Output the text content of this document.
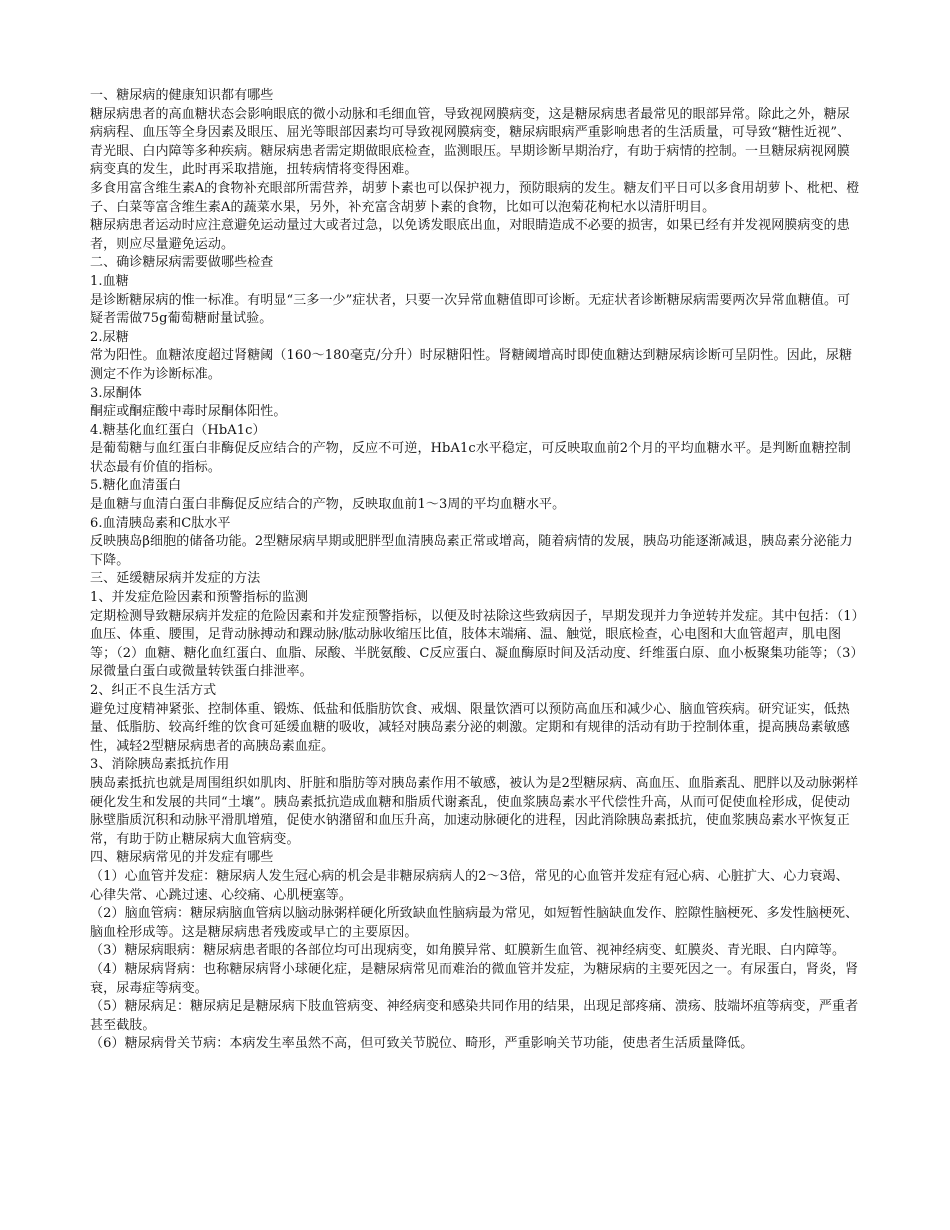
一、糖尿病的健康知识都有哪些

糖尿病患者的高血糖状态会影响眼底的微小动脉和毛细血管，导致视网膜病变，这是糖尿病患者最常见的眼部异常。除此之外，糖尿病病程、血压等全身因素及眼压、屈光等眼部因素均可导致视网膜病变，糖尿病眼病严重影响患者的生活质量，可导致“糖性近视”、青光眼、白内障等多种疾病。糖尿病患者需定期做眼底检查，监测眼压。早期诊断早期治疗，有助于病情的控制。一旦糖尿病视网膜病变真的发生，此时再采取措施，扭转病情将变得困难。

多食用富含维生素A的食物补充眼部所需营养，胡萝卜素也可以保护视力，预防眼病的发生。糖友们平日可以多食用胡萝卜、枇杷、橙子、白菜等富含维生素A的蔬菜水果，另外，补充富含胡萝卜素的食物，比如可以泡菊花枸杞水以清肝明目。

糖尿病患者运动时应注意避免运动量过大或者过急，以免诱发眼底出血，对眼睛造成不必要的损害，如果已经有并发视网膜病变的患者，则应尽量避免运动。

二、确诊糖尿病需要做哪些检查

1.血糖

是诊断糖尿病的惟一标准。有明显“三多一少”症状者，只要一次异常血糖值即可诊断。无症状者诊断糖尿病需要两次异常血糖值。可疑者需做75g葡萄糖耐量试验。

2.尿糖

常为阳性。血糖浓度超过肾糖阈（160～180毫克/分升）时尿糖阳性。肾糖阈增高时即使血糖达到糖尿病诊断可呈阴性。因此，尿糖测定不作为诊断标准。

3.尿酮体

酮症或酮症酸中毒时尿酮体阳性。

4.糖基化血红蛋白（HbA1c）

是葡萄糖与血红蛋白非酶促反应结合的产物，反应不可逆，HbA1c水平稳定，可反映取血前2个月的平均血糖水平。是判断血糖控制状态最有价值的指标。

5.糖化血清蛋白

是血糖与血清白蛋白非酶促反应结合的产物，反映取血前1～3周的平均血糖水平。

6.血清胰岛素和C肽水平

反映胰岛β细胞的储备功能。2型糖尿病早期或肥胖型血清胰岛素正常或增高，随着病情的发展，胰岛功能逐渐减退，胰岛素分泌能力下降。

三、延缓糖尿病并发症的方法

1、并发症危险因素和预警指标的监测

定期检测导致糖尿病并发症的危险因素和并发症预警指标，以便及时祛除这些致病因子，早期发现并力争逆转并发症。其中包括：（1）血压、体重、腰围，足背动脉搏动和踝动脉/肱动脉收缩压比值，肢体末端痛、温、触觉，眼底检查，心电图和大血管超声，肌电图等；（2）血糖、糖化血红蛋白、血脂、尿酸、半胱氨酸、C反应蛋白、凝血酶原时间及活动度、纤维蛋白原、血小板聚集功能等；（3）尿微量白蛋白或微量转铁蛋白排泄率。

2、纠正不良生活方式

避免过度精神紧张、控制体重、锻炼、低盐和低脂肪饮食、戒烟、限量饮酒可以预防高血压和减少心、脑血管疾病。研究证实，低热量、低脂肪、较高纤维的饮食可延缓血糖的吸收，减轻对胰岛素分泌的刺激。定期和有规律的活动有助于控制体重，提高胰岛素敏感性，减轻2型糖尿病患者的高胰岛素血症。

3、消除胰岛素抵抗作用

胰岛素抵抗也就是周围组织如肌肉、肝脏和脂肪等对胰岛素作用不敏感，被认为是2型糖尿病、高血压、血脂紊乱、肥胖以及动脉粥样硬化发生和发展的共同“土壤”。胰岛素抵抗造成血糖和脂质代谢紊乱，使血浆胰岛素水平代偿性升高，从而可促使血栓形成，促使动脉壁脂质沉积和动脉平滑肌增殖，促使水钠潴留和血压升高，加速动脉硬化的进程，因此消除胰岛素抵抗，使血浆胰岛素水平恢复正常，有助于防止糖尿病大血管病变。

四、糖尿病常见的并发症有哪些

（1）心血管并发症：糖尿病人发生冠心病的机会是非糖尿病病人的2～3倍，常见的心血管并发症有冠心病、心脏扩大、心力衰竭、心律失常、心跳过速、心绞痛、心肌梗塞等。

（2）脑血管病：糖尿病脑血管病以脑动脉粥样硬化所致缺血性脑病最为常见，如短暂性脑缺血发作、腔隙性脑梗死、多发性脑梗死、脑血栓形成等。这是糖尿病患者残废或早亡的主要原因。

（3）糖尿病眼病：糖尿病患者眼的各部位均可出现病变，如角膜异常、虹膜新生血管、视神经病变、虹膜炎、青光眼、白内障等。

（4）糖尿病肾病：也称糖尿病肾小球硬化症，是糖尿病常见而难治的微血管并发症，为糖尿病的主要死因之一。有尿蛋白，肾炎，肾衰，尿毒症等病变。

（5）糖尿病足：糖尿病足是糖尿病下肢血管病变、神经病变和感染共同作用的结果，出现足部疼痛、溃疡、肢端坏疽等病变，严重者甚至截肢。

（6）糖尿病骨关节病：本病发生率虽然不高，但可致关节脱位、畸形，严重影响关节功能，使患者生活质量降低。
